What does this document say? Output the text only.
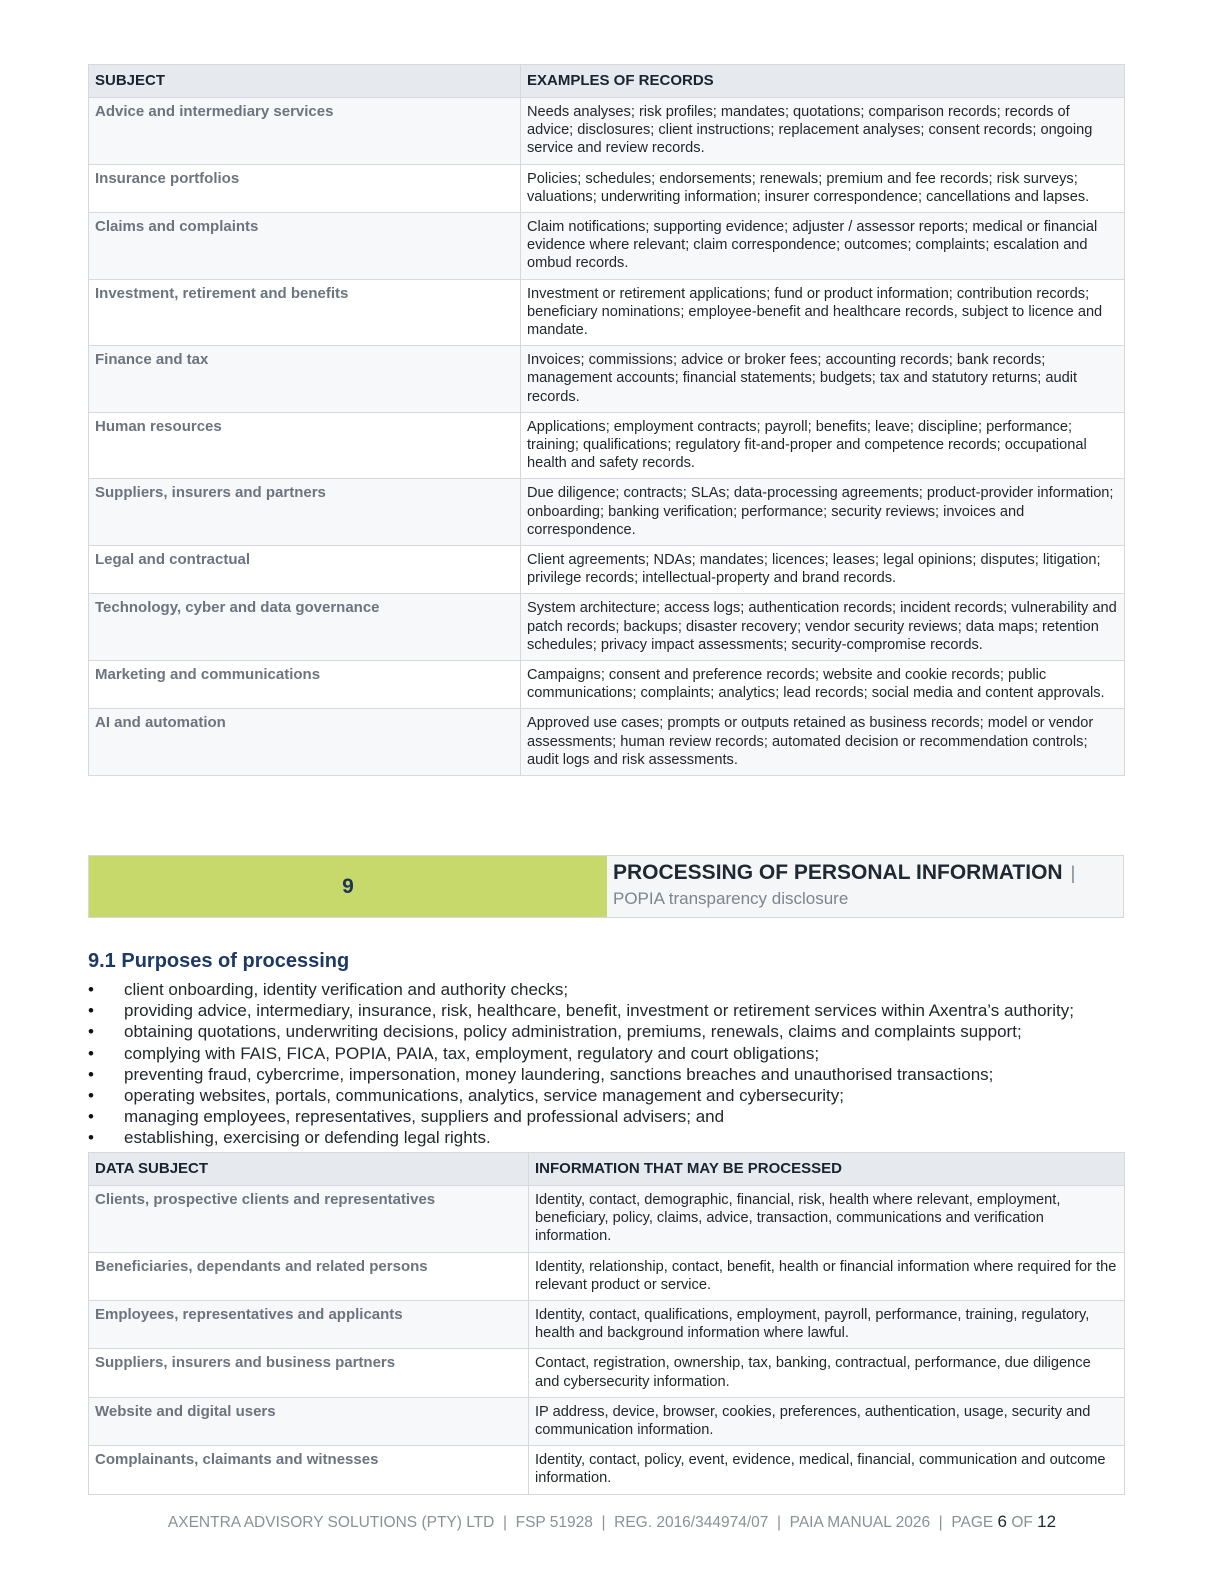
SUBJECT	EXAMPLES OF RECORDS
Advice and intermediary services	Needs analyses; risk profiles; mandates; quotations; comparison records; records of advice; disclosures; client instructions; replacement analyses; consent records; ongoing service and review records.
Insurance portfolios	Policies; schedules; endorsements; renewals; premium and fee records; risk surveys; valuations; underwriting information; insurer correspondence; cancellations and lapses.
Claims and complaints	Claim notifications; supporting evidence; adjuster / assessor reports; medical or financial evidence where relevant; claim correspondence; outcomes; complaints; escalation and ombud records.
Investment, retirement and benefits	Investment or retirement applications; fund or product information; contribution records; beneficiary nominations; employee-benefit and healthcare records, subject to licence and mandate.
Finance and tax	Invoices; commissions; advice or broker fees; accounting records; bank records; management accounts; financial statements; budgets; tax and statutory returns; audit records.
Human resources	Applications; employment contracts; payroll; benefits; leave; discipline; performance; training; qualifications; regulatory fit-and-proper and competence records; occupational health and safety records.
Suppliers, insurers and partners	Due diligence; contracts; SLAs; data-processing agreements; product-provider information; onboarding; banking verification; performance; security reviews; invoices and correspondence.
Legal and contractual	Client agreements; NDAs; mandates; licences; leases; legal opinions; disputes; litigation; privilege records; intellectual-property and brand records.
Technology, cyber and data governance	System architecture; access logs; authentication records; incident records; vulnerability and patch records; backups; disaster recovery; vendor security reviews; data maps; retention schedules; privacy impact assessments; security-compromise records.
Marketing and communications	Campaigns; consent and preference records; website and cookie records; public communications; complaints; analytics; lead records; social media and content approvals.
AI and automation	Approved use cases; prompts or outputs retained as business records; model or vendor assessments; human review records; automated decision or recommendation controls; audit logs and risk assessments.
9
PROCESSING OF PERSONAL INFORMATION |
POPIA transparency disclosure
9.1 Purposes of processing
• client onboarding, identity verification and authority checks;
• providing advice, intermediary, insurance, risk, healthcare, benefit, investment or retirement services within Axentra’s authority;
• obtaining quotations, underwriting decisions, policy administration, premiums, renewals, claims and complaints support;
• complying with FAIS, FICA, POPIA, PAIA, tax, employment, regulatory and court obligations;
• preventing fraud, cybercrime, impersonation, money laundering, sanctions breaches and unauthorised transactions;
• operating websites, portals, communications, analytics, service management and cybersecurity;
• managing employees, representatives, suppliers and professional advisers; and
• establishing, exercising or defending legal rights.
DATA SUBJECT	INFORMATION THAT MAY BE PROCESSED
Clients, prospective clients and representatives	Identity, contact, demographic, financial, risk, health where relevant, employment, beneficiary, policy, claims, advice, transaction, communications and verification information.
Beneficiaries, dependants and related persons	Identity, relationship, contact, benefit, health or financial information where required for the relevant product or service.
Employees, representatives and applicants	Identity, contact, qualifications, employment, payroll, performance, training, regulatory, health and background information where lawful.
Suppliers, insurers and business partners	Contact, registration, ownership, tax, banking, contractual, performance, due diligence and cybersecurity information.
Website and digital users	IP address, device, browser, cookies, preferences, authentication, usage, security and communication information.
Complainants, claimants and witnesses	Identity, contact, policy, event, evidence, medical, financial, communication and outcome information.
AXENTRA ADVISORY SOLUTIONS (PTY) LTD  |  FSP 51928  |  REG. 2016/344974/07  |  PAIA MANUAL 2026  |  PAGE 6 OF 12
